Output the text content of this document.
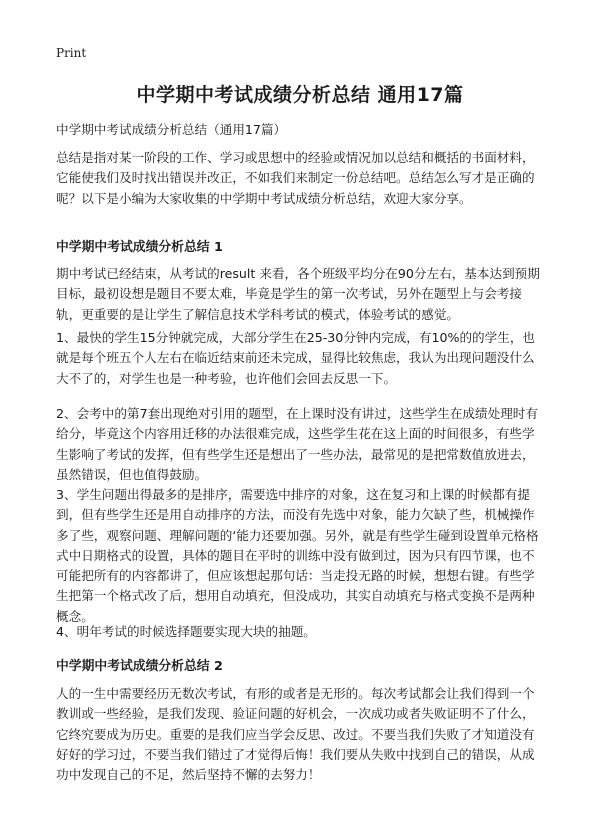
Print
中学期中考试成绩分析总结 通用17篇

中学期中考试成绩分析总结（通用17篇）

总结是指对某一阶段的工作、学习或思想中的经验或情况加以总结和概括的书面材料，它能使我们及时找出错误并改正，不如我们来制定一份总结吧。总结怎么写才是正确的呢？以下是小编为大家收集的中学期中考试成绩分析总结，欢迎大家分享。

中学期中考试成绩分析总结 1

期中考试已经结束，从考试的result 来看，各个班级平均分在90分左右，基本达到预期目标，最初设想是题目不要太难，毕竟是学生的第一次考试，另外在题型上与会考接轨，更重要的是让学生了解信息技术学科考试的模式，体验考试的感觉。

1、最快的学生15分钟就完成，大部分学生在25-30分钟内完成，有10%的的学生，也就是每个班五个人左右在临近结束前还未完成，显得比较焦虑，我认为出现问题没什么大不了的，对学生也是一种考验，也许他们会回去反思一下。

2、会考中的第7套出现绝对引用的题型，在上课时没有讲过，这些学生在成绩处理时有给分，毕竟这个内容用迁移的办法很难完成，这些学生花在这上面的时间很多，有些学生影响了考试的发挥，但有些学生还是想出了一些办法，最常见的是把常数值放进去，虽然错误，但也值得鼓励。

3、学生问题出得最多的是排序，需要选中排序的对象，这在复习和上课的时候都有提到，但有些学生还是用自动排序的方法，而没有先选中对象，能力欠缺了些，机械操作多了些，观察问题、理解问题的‘能力还要加强。另外，就是有些学生碰到设置单元格格式中日期格式的设置，具体的题目在平时的训练中没有做到过，因为只有四节课，也不可能把所有的内容都讲了，但应该想起那句话：当走投无路的时候，想想右键。有些学生把第一个格式改了后，想用自动填充，但没成功，其实自动填充与格式变换不是两种概念。

4、明年考试的时候选择题要实现大块的抽题。

中学期中考试成绩分析总结 2

人的一生中需要经历无数次考试，有形的或者是无形的。每次考试都会让我们得到一个教训或一些经验，是我们发现、验证问题的好机会，一次成功或者失败证明不了什么，它终究要成为历史。重要的是我们应当学会反思、改过。不要当我们失败了才知道没有好好的学习过，不要当我们错过了才觉得后悔！我们要从失败中找到自己的错误，从成功中发现自己的不足，然后坚持不懈的去努力！
